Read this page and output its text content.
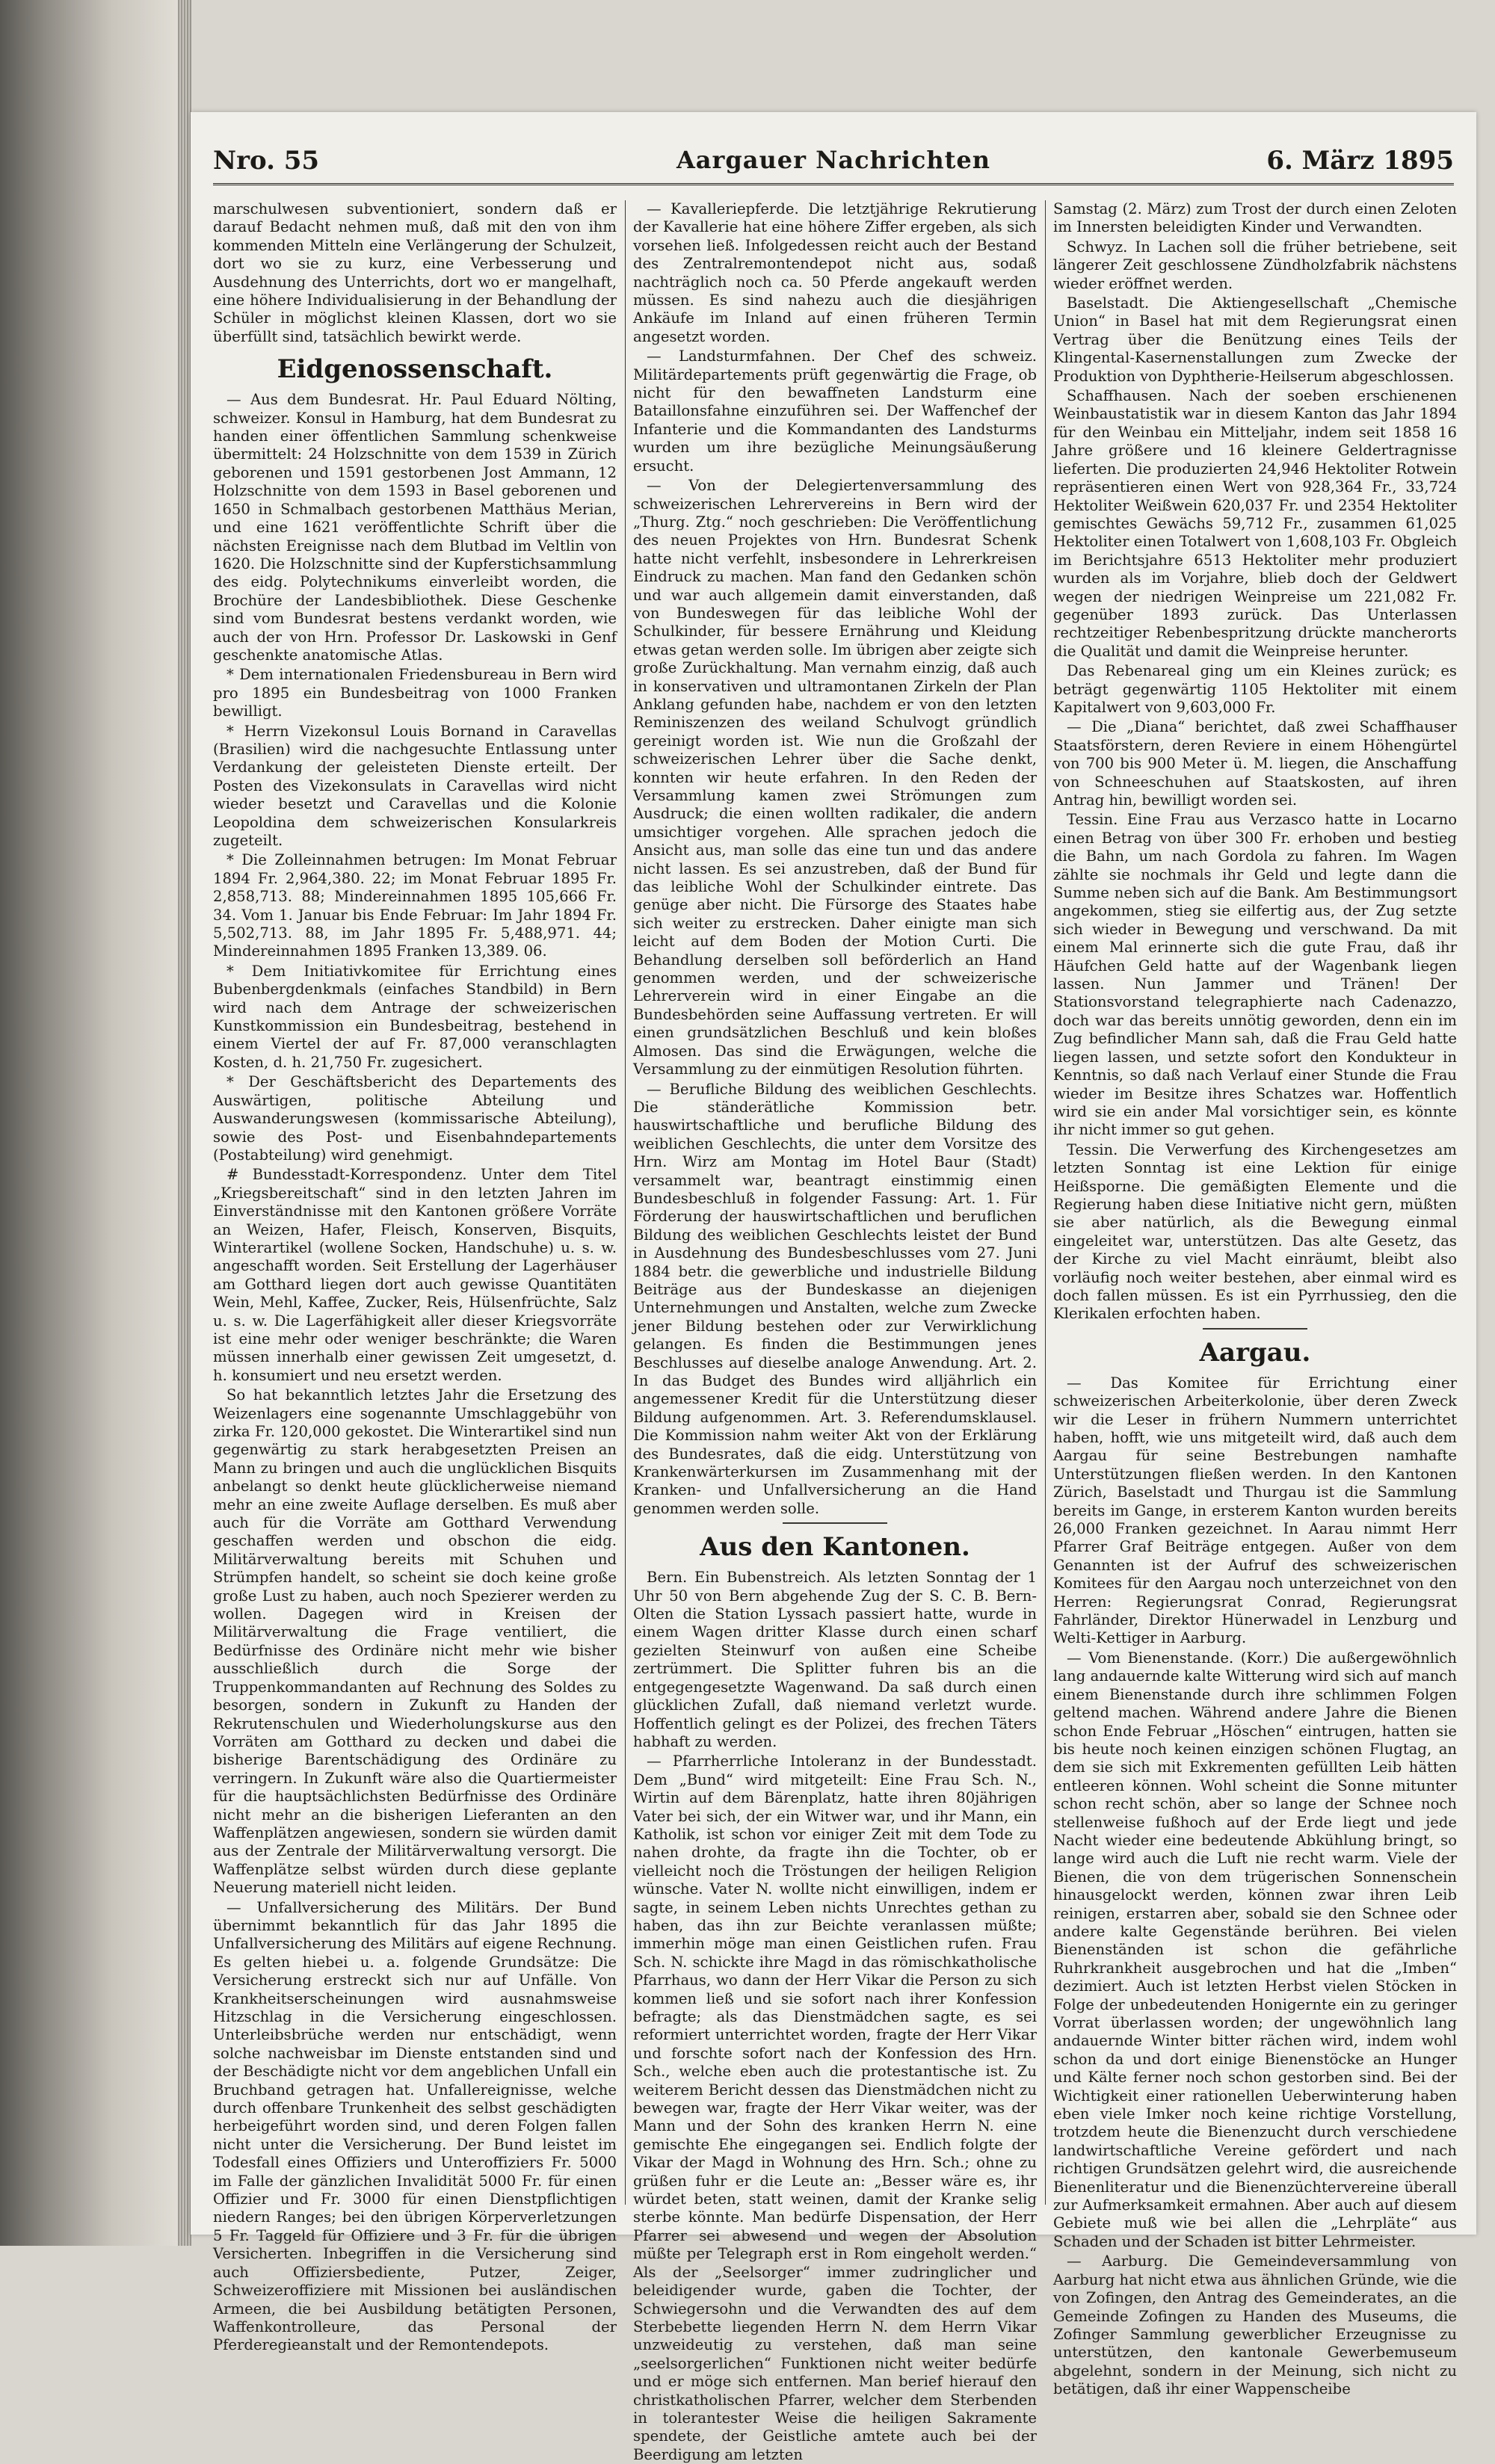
Nro. 55	Aargauer Nachrichten	6. März 1895

marschulwesen subventioniert, sondern daß er darauf Bedacht nehmen muß, daß mit den von ihm kommenden Mitteln eine Verlängerung der Schulzeit, dort wo sie zu kurz, eine Verbesserung und Ausdehnung des Unterrichts, dort wo er mangelhaft, eine höhere Individualisierung in der Behandlung der Schüler in möglichst kleinen Klassen, dort wo sie überfüllt sind, tatsächlich bewirkt werde.

Eidgenossenschaft.

— Aus dem Bundesrat. Hr. Paul Eduard Nölting, schweizer. Konsul in Hamburg, hat dem Bundesrat zu handen einer öffentlichen Sammlung schenkweise übermittelt: 24 Holzschnitte von dem 1539 in Zürich geborenen und 1591 gestorbenen Jost Ammann, 12 Holzschnitte von dem 1593 in Basel geborenen und 1650 in Schmalbach gestorbenen Matthäus Merian, und eine 1621 veröffentlichte Schrift über die nächsten Ereignisse nach dem Blutbad im Veltlin von 1620. Die Holzschnitte sind der Kupferstichsammlung des eidg. Polytechnikums einverleibt worden, die Brochüre der Landesbibliothek. Diese Geschenke sind vom Bundesrat bestens verdankt worden, wie auch der von Hrn. Professor Dr. Laskowski in Genf geschenkte anatomische Atlas.

* Dem internationalen Friedensbureau in Bern wird pro 1895 ein Bundesbeitrag von 1000 Franken bewilligt.

* Herrn Vizekonsul Louis Bornand in Caravellas (Brasilien) wird die nachgesuchte Entlassung unter Verdankung der geleisteten Dienste erteilt. Der Posten des Vizekonsulats in Caravellas wird nicht wieder besetzt und Caravellas und die Kolonie Leopoldina dem schweizerischen Konsularkreis zugeteilt.

* Die Zolleinnahmen betrugen: Im Monat Februar 1894 Fr. 2,964,380. 22; im Monat Februar 1895 Fr. 2,858,713. 88; Mindereinnahmen 1895 105,666 Fr. 34. Vom 1. Januar bis Ende Februar: Im Jahr 1894 Fr. 5,502,713. 88, im Jahr 1895 Fr. 5,488,971. 44; Mindereinnahmen 1895 Franken 13,389. 06.

* Dem Initiativkomitee für Errichtung eines Bubenbergdenkmals (einfaches Standbild) in Bern wird nach dem Antrage der schweizerischen Kunstkommission ein Bundesbeitrag, bestehend in einem Viertel der auf Fr. 87,000 veranschlagten Kosten, d. h. 21,750 Fr. zugesichert.

* Der Geschäftsbericht des Departements des Auswärtigen, politische Abteilung und Auswanderungswesen (kommissarische Abteilung), sowie des Post- und Eisenbahndepartements (Postabteilung) wird genehmigt.

# Bundesstadt-Korrespondenz. Unter dem Titel „Kriegsbereitschaft“ sind in den letzten Jahren im Einverständnisse mit den Kantonen größere Vorräte an Weizen, Hafer, Fleisch, Konserven, Bisquits, Winterartikel (wollene Socken, Handschuhe) u. s. w. angeschafft worden. Seit Erstellung der Lagerhäuser am Gotthard liegen dort auch gewisse Quantitäten Wein, Mehl, Kaffee, Zucker, Reis, Hülsenfrüchte, Salz u. s. w. Die Lagerfähigkeit aller dieser Kriegsvorräte ist eine mehr oder weniger beschränkte; die Waren müssen innerhalb einer gewissen Zeit umgesetzt, d. h. konsumiert und neu ersetzt werden.

So hat bekanntlich letztes Jahr die Ersetzung des Weizenlagers eine sogenannte Umschlaggebühr von zirka Fr. 120,000 gekostet. Die Winterartikel sind nun gegenwärtig zu stark herabgesetzten Preisen an Mann zu bringen und auch die unglücklichen Bisquits anbelangt so denkt heute glücklicherweise niemand mehr an eine zweite Auflage derselben. Es muß aber auch für die Vorräte am Gotthard Verwendung geschaffen werden und obschon die eidg. Militärverwaltung bereits mit Schuhen und Strümpfen handelt, so scheint sie doch keine große große Lust zu haben, auch noch Spezierer werden zu wollen. Dagegen wird in Kreisen der Militärverwaltung die Frage ventiliert, die Bedürfnisse des Ordinäre nicht mehr wie bisher ausschließlich durch die Sorge der Truppenkommandanten auf Rechnung des Soldes zu besorgen, sondern in Zukunft zu Handen der Rekrutenschulen und Wiederholungskurse aus den Vorräten am Gotthard zu decken und dabei die bisherige Barentschädigung des Ordinäre zu verringern. In Zukunft wäre also die Quartiermeister für die hauptsächlichsten Bedürfnisse des Ordinäre nicht mehr an die bisherigen Lieferanten an den Waffenplätzen angewiesen, sondern sie würden damit aus der Zentrale der Militärverwaltung versorgt. Die Waffenplätze selbst würden durch diese geplante Neuerung materiell nicht leiden.

— Unfallversicherung des Militärs. Der Bund übernimmt bekanntlich für das Jahr 1895 die Unfallversicherung des Militärs auf eigene Rechnung. Es gelten hiebei u. a. folgende Grundsätze: Die Versicherung erstreckt sich nur auf Unfälle. Von Krankheitserscheinungen wird ausnahmsweise Hitzschlag in die Versicherung eingeschlossen. Unterleibsbrüche werden nur entschädigt, wenn solche nachweisbar im Dienste entstanden sind und der Beschädigte nicht vor dem angeblichen Unfall ein Bruchband getragen hat. Unfallereignisse, welche durch offenbare Trunkenheit des selbst geschädigten herbeigeführt worden sind, und deren Folgen fallen nicht unter die Versicherung. Der Bund leistet im Todesfall eines Offiziers und Unteroffiziers Fr. 5000 im Falle der gänzlichen Invalidität 5000 Fr. für einen Offizier und Fr. 3000 für einen Dienstpflichtigen niedern Ranges; bei den übrigen Körperverletzungen 5 Fr. Taggeld für Offiziere und 3 Fr. für die übrigen Versicherten. Inbegriffen in die Versicherung sind auch Offiziersbediente, Putzer, Zeiger, Schweizeroffiziere mit Missionen bei ausländischen Armeen, die bei Ausbildung betätigten Personen, Waffenkontrolleure, das Personal der Pferderegieanstalt und der Remontendepots.

— Kavalleriepferde. Die letztjährige Rekrutierung der Kavallerie hat eine höhere Ziffer ergeben, als sich vorsehen ließ. Infolgedessen reicht auch der Bestand des Zentralremontendepot nicht aus, sodaß nachträglich noch ca. 50 Pferde angekauft werden müssen. Es sind nahezu auch die diesjährigen Ankäufe im Inland auf einen früheren Termin angesetzt worden.

— Landsturmfahnen. Der Chef des schweiz. Militärdepartements prüft gegenwärtig die Frage, ob nicht für den bewaffneten Landsturm eine Bataillonsfahne einzuführen sei. Der Waffenchef der Infanterie und die Kommandanten des Landsturms wurden um ihre bezügliche Meinungsäußerung ersucht.

— Von der Delegiertenversammlung des schweizerischen Lehrervereins in Bern wird der „Thurg. Ztg.“ noch geschrieben: Die Veröffentlichung des neuen Projektes von Hrn. Bundesrat Schenk hatte nicht verfehlt, insbesondere in Lehrerkreisen Eindruck zu machen. Man fand den Gedanken schön und war auch allgemein damit einverstanden, daß von Bundeswegen für das leibliche Wohl der Schulkinder, für bessere Ernährung und Kleidung etwas getan werden solle. Im übrigen aber zeigte sich große Zurückhaltung. Man vernahm einzig, daß auch in konservativen und ultramontanen Zirkeln der Plan Anklang gefunden habe, nachdem er von den letzten Reminiszenzen des weiland Schulvogt gründlich gereinigt worden ist. Wie nun die Großzahl der schweizerischen Lehrer über die Sache denkt, konnten wir heute erfahren. In den Reden der Versammlung kamen zwei Strömungen zum Ausdruck; die einen wollten radikaler, die andern umsichtiger vorgehen. Alle sprachen jedoch die Ansicht aus, man solle das eine tun und das andere nicht lassen. Es sei anzustreben, daß der Bund für das leibliche Wohl der Schulkinder eintrete. Das genüge aber nicht. Die Fürsorge des Staates habe sich weiter zu erstrecken. Daher einigte man sich leicht auf dem Boden der Motion Curti. Die Behandlung derselben soll beförderlich an Hand genommen werden, und der schweizerische Lehrerverein wird in einer Eingabe an die Bundesbehörden seine Auffassung vertreten. Er will einen grundsätzlichen Beschluß und kein bloßes Almosen. Das sind die Erwägungen, welche die Versammlung zu der einmütigen Resolution führten.

— Berufliche Bildung des weiblichen Geschlechts. Die ständerätliche Kommission betr. hauswirtschaftliche und berufliche Bildung des weiblichen Geschlechts, die unter dem Vorsitze des Hrn. Wirz am Montag im Hotel Baur (Stadt) versammelt war, beantragt einstimmig einen Bundesbeschluß in folgender Fassung: Art. 1. Für Förderung der hauswirtschaftlichen und beruflichen Bildung des weiblichen Geschlechts leistet der Bund in Ausdehnung des Bundesbeschlusses vom 27. Juni 1884 betr. die gewerbliche und industrielle Bildung Beiträge aus der Bundeskasse an diejenigen Unternehmungen und Anstalten, welche zum Zwecke jener Bildung bestehen oder zur Verwirklichung gelangen. Es finden die Bestimmungen jenes Beschlusses auf dieselbe analoge Anwendung. Art. 2. In das Budget des Bundes wird alljährlich ein angemessener Kredit für die Unterstützung dieser Bildung aufgenommen. Art. 3. Referendumsklausel. Die Kommission nahm weiter Akt von der Erklärung des Bundesrates, daß die eidg. Unterstützung von Krankenwärterkursen im Zusammenhang mit der Kranken- und Unfallversicherung an die Hand genommen werden solle.

Aus den Kantonen.

Bern. Ein Bubenstreich. Als letzten Sonntag der 1 Uhr 50 von Bern abgehende Zug der S. C. B. Bern-Olten die Station Lyssach passiert hatte, wurde in einem Wagen dritter Klasse durch einen scharf gezielten Steinwurf von außen eine Scheibe zertrümmert. Die Splitter fuhren bis an die entgegengesetzte Wagenwand. Da saß durch einen glücklichen Zufall, daß niemand verletzt wurde. Hoffentlich gelingt es der Polizei, des frechen Täters habhaft zu werden.

— Pfarrherrliche Intoleranz in der Bundesstadt. Dem „Bund“ wird mitgeteilt: Eine Frau Sch. N., Wirtin auf dem Bärenplatz, hatte ihren 80jährigen Vater bei sich, der ein Witwer war, und ihr Mann, ein Katholik, ist schon vor einiger Zeit mit dem Tode zu nahen drohte, da fragte ihn die Tochter, ob er vielleicht noch die Tröstungen der heiligen Religion wünsche. Vater N. wollte nicht einwilligen, indem er sagte, in seinem Leben nichts Unrechtes gethan zu haben, das ihn zur Beichte veranlassen müßte; immerhin möge man einen Geistlichen rufen. Frau Sch. N. schickte ihre Magd in das römischkatholische Pfarrhaus, wo dann der Herr Vikar die Person zu sich kommen ließ und sie sofort nach ihrer Konfession befragte; als das Dienstmädchen sagte, es sei reformiert unterrichtet worden, fragte der Herr Vikar und forschte sofort nach der Konfession des Hrn. Sch., welche eben auch die protestantische ist. Zu weiterem Bericht dessen das Dienstmädchen nicht zu bewegen war, fragte der Herr Vikar weiter, was der Mann und der Sohn des kranken Herrn N. eine gemischte Ehe eingegangen sei. Endlich folgte der Vikar der Magd in Wohnung des Hrn. Sch.; ohne zu grüßen fuhr er die Leute an: „Besser wäre es, ihr würdet beten, statt weinen, damit der Kranke selig sterbe könnte. Man bedürfe Dispensation, der Herr Pfarrer sei abwesend und wegen der Absolution müßte per Telegraph erst in Rom eingeholt werden.“ Als der „Seelsorger“ immer zudringlicher und beleidigender wurde, gaben die Tochter, der Schwiegersohn und die Verwandten des auf dem Sterbebette liegenden Herrn N. dem Herrn Vikar unzweideutig zu verstehen, daß man seine „seelsorgerlichen“ Funktionen nicht weiter bedürfe und er möge sich entfernen. Man berief hierauf den christkatholischen Pfarrer, welcher dem Sterbenden in tolerantester Weise die heiligen Sakramente spendete, der Geistliche amtete auch bei der Beerdigung am letzten

Samstag (2. März) zum Trost der durch einen Zeloten im Innersten beleidigten Kinder und Verwandten.

Schwyz. In Lachen soll die früher betriebene, seit längerer Zeit geschlossene Zündholzfabrik nächstens wieder eröffnet werden.

Baselstadt. Die Aktiengesellschaft „Chemische Union“ in Basel hat mit dem Regierungsrat einen Vertrag über die Benützung eines Teils der Klingental-Kasernenstallungen zum Zwecke der Produktion von Dyphtherie-Heilserum abgeschlossen.

Schaffhausen. Nach der soeben erschienenen Weinbaustatistik war in diesem Kanton das Jahr 1894 für den Weinbau ein Mitteljahr, indem seit 1858 16 Jahre größere und 16 kleinere Geldertragnisse lieferten. Die produzierten 24,946 Hektoliter Rotwein repräsentieren einen Wert von 928,364 Fr., 33,724 Hektoliter Weißwein 620,037 Fr. und 2354 Hektoliter gemischtes Gewächs 59,712 Fr., zusammen 61,025 Hektoliter einen Totalwert von 1,608,103 Fr. Obgleich im Berichtsjahre 6513 Hektoliter mehr produziert wurden als im Vorjahre, blieb doch der Geldwert wegen der niedrigen Weinpreise um 221,082 Fr. gegenüber 1893 zurück. Das Unterlassen rechtzeitiger Rebenbespritzung drückte mancherorts die Qualität und damit die Weinpreise herunter.

Das Rebenareal ging um ein Kleines zurück; es beträgt gegenwärtig 1105 Hektoliter mit einem Kapitalwert von 9,603,000 Fr.

— Die „Diana“ berichtet, daß zwei Schaffhauser Staatsförstern, deren Reviere in einem Höhengürtel von 700 bis 900 Meter ü. M. liegen, die Anschaffung von Schneeschuhen auf Staatskosten, auf ihren Antrag hin, bewilligt worden sei.

Tessin. Eine Frau aus Verzasco hatte in Locarno einen Betrag von über 300 Fr. erhoben und bestieg die Bahn, um nach Gordola zu fahren. Im Wagen zählte sie nochmals ihr Geld und legte dann die Summe neben sich auf die Bank. Am Bestimmungsort angekommen, stieg sie eilfertig aus, der Zug setzte sich wieder in Bewegung und verschwand. Da mit einem Mal erinnerte sich die gute Frau, daß ihr Häufchen Geld hatte auf der Wagenbank liegen lassen. Nun Jammer und Tränen! Der Stationsvorstand telegraphierte nach Cadenazzo, doch war das bereits unnötig geworden, denn ein im Zug befindlicher Mann sah, daß die Frau Geld hatte liegen lassen, und setzte sofort den Kondukteur in Kenntnis, so daß nach Verlauf einer Stunde die Frau wieder im Besitze ihres Schatzes war. Hoffentlich wird sie ein ander Mal vorsichtiger sein, es könnte ihr nicht immer so gut gehen.

Tessin. Die Verwerfung des Kirchengesetzes am letzten Sonntag ist eine Lektion für einige Heißsporne. Die gemäßigten Elemente und die Regierung haben diese Initiative nicht gern, müßten sie aber natürlich, als die Bewegung einmal eingeleitet war, unterstützen. Das alte Gesetz, das der Kirche zu viel Macht einräumt, bleibt also vorläufig noch weiter bestehen, aber einmal wird es doch fallen müssen. Es ist ein Pyrrhussieg, den die Klerikalen erfochten haben.

Aargau.

— Das Komitee für Errichtung einer schweizerischen Arbeiterkolonie, über deren Zweck wir die Leser in frühern Nummern unterrichtet haben, hofft, wie uns mitgeteilt wird, daß auch dem Aargau für seine Bestrebungen namhafte Unterstützungen fließen werden. In den Kantonen Zürich, Baselstadt und Thurgau ist die Sammlung bereits im Gange, in ersterem Kanton wurden bereits 26,000 Franken gezeichnet. In Aarau nimmt Herr Pfarrer Graf Beiträge entgegen. Außer von dem Genannten ist der Aufruf des schweizerischen Komitees für den Aargau noch unterzeichnet von den Herren: Regierungsrat Conrad, Regierungsrat Fahrländer, Direktor Hünerwadel in Lenzburg und Welti-Kettiger in Aarburg.

— Vom Bienenstande. (Korr.) Die außergewöhnlich lang andauernde kalte Witterung wird sich auf manch einem Bienenstande durch ihre schlimmen Folgen geltend machen. Während andere Jahre die Bienen schon Ende Februar „Höschen“ eintrugen, hatten sie bis heute noch keinen einzigen schönen Flugtag, an dem sie sich mit Exkrementen gefüllten Leib hätten entleeren können. Wohl scheint die Sonne mitunter schon recht schön, aber so lange der Schnee noch stellenweise fußhoch auf der Erde liegt und jede Nacht wieder eine bedeutende Abkühlung bringt, so lange wird auch die Luft nie recht warm. Viele der Bienen, die von dem trügerischen Sonnenschein hinausgelockt werden, können zwar ihren Leib reinigen, erstarren aber, sobald sie den Schnee oder andere kalte Gegenstände berühren. Bei vielen Bienenständen ist schon die gefährliche Ruhrkrankheit ausgebrochen und hat die „Imben“ dezimiert. Auch ist letzten Herbst vielen Stöcken in Folge der unbedeutenden Honigernte ein zu geringer Vorrat überlassen worden; der ungewöhnlich lang andauernde Winter bitter rächen wird, indem wohl schon da und dort einige Bienenstöcke an Hunger und Kälte ferner noch schon gestorben sind. Bei der Wichtigkeit einer rationellen Ueberwinterung haben eben viele Imker noch keine richtige Vorstellung, trotzdem heute die Bienenzucht durch verschiedene landwirtschaftliche Vereine gefördert und nach richtigen Grundsätzen gelehrt wird, die ausreichende Bienenliteratur und die Bienenzüchtervereine überall zur Aufmerksamkeit ermahnen. Aber auch auf diesem Gebiete muß wie bei allen die „Lehrpläte“ aus Schaden und der Schaden ist bitter Lehrmeister.

— Aarburg. Die Gemeindeversammlung von Aarburg hat nicht etwa aus ähnlichen Gründe, wie die von Zofingen, den Antrag des Gemeinderates, an die Gemeinde Zofingen zu Handen des Museums, die Zofinger Sammlung gewerblicher Erzeugnisse zu unterstützen, den kantonale Gewerbemuseum abgelehnt, sondern in der Meinung, sich nicht zu betätigen, daß ihr einer Wappenscheibe
